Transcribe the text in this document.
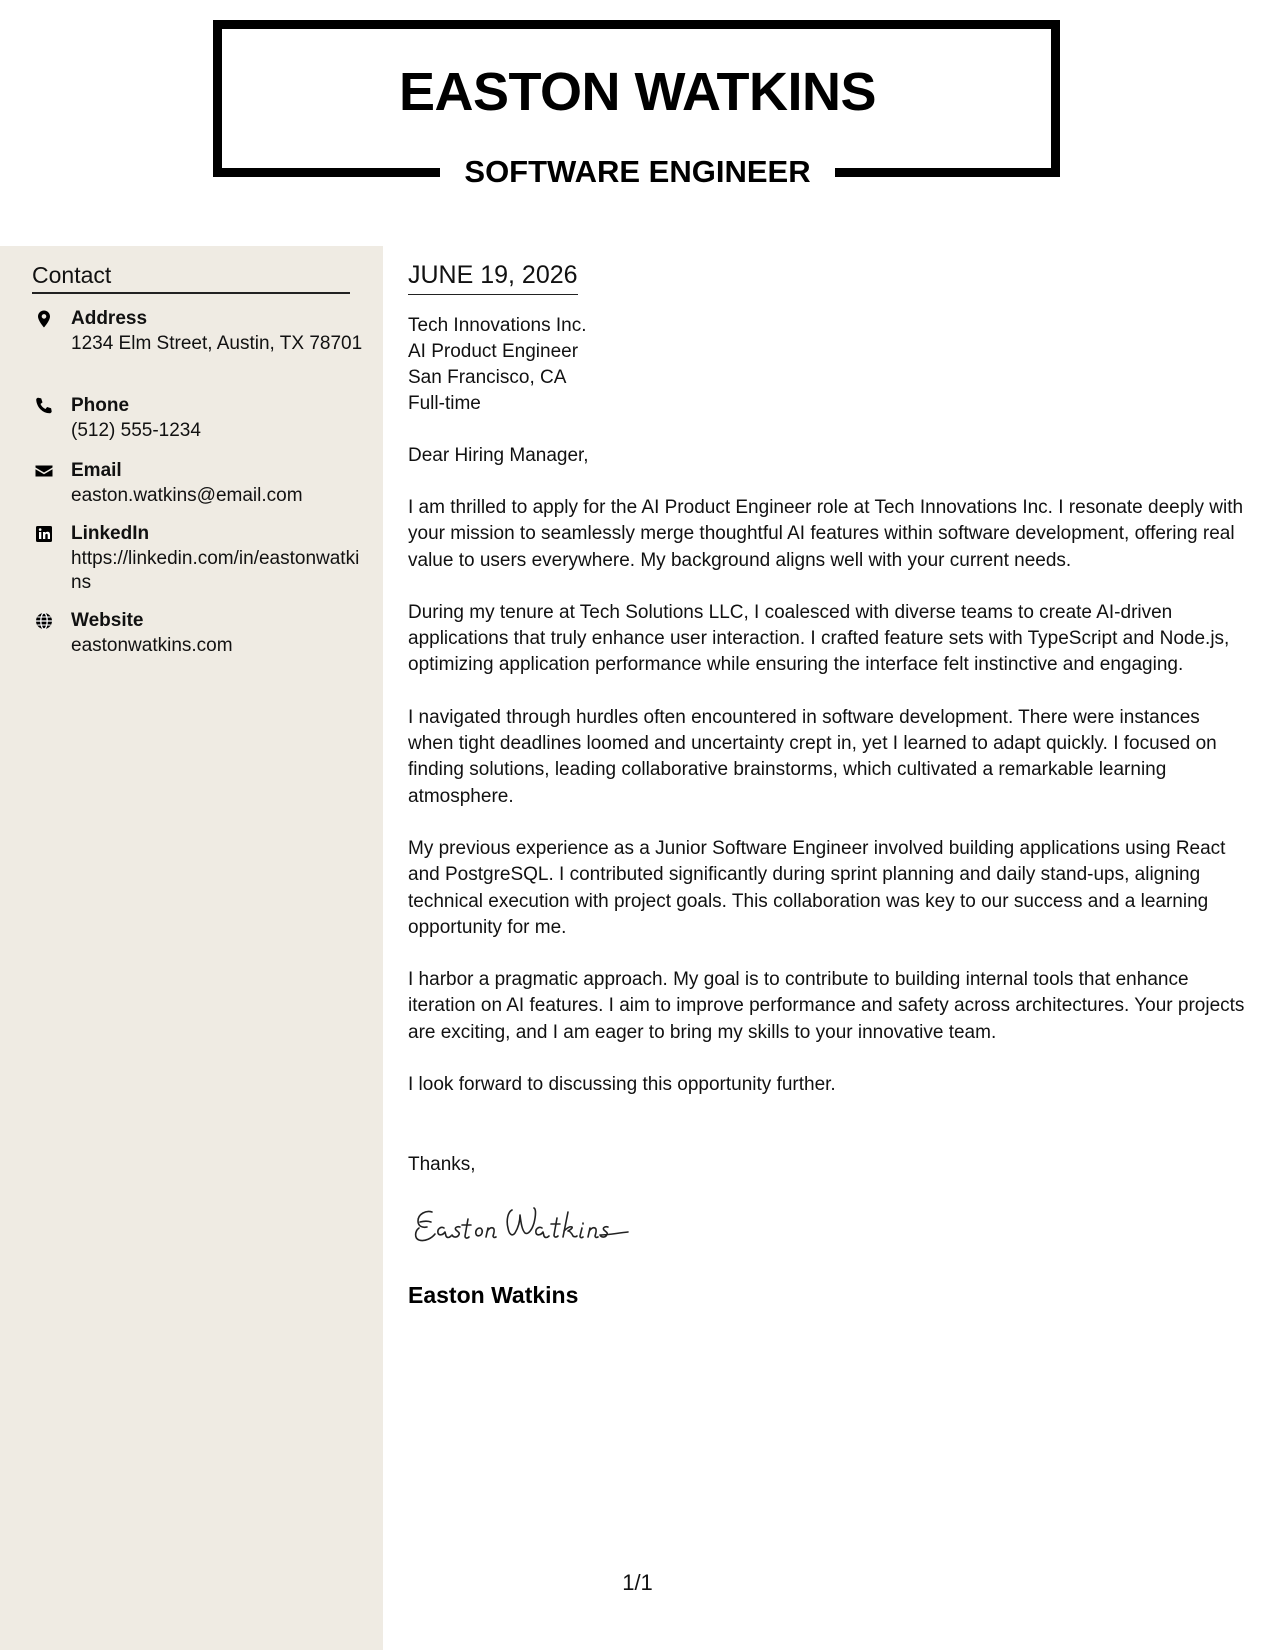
EASTON WATKINS
SOFTWARE ENGINEER
Contact
Address
1234 Elm Street, Austin, TX 78701
Phone
(512) 555-1234
Email
easton.watkins@email.com
LinkedIn
https://linkedin.com/in/eastonwatkins
Website
eastonwatkins.com
JUNE 19, 2026
Tech Innovations Inc.
AI Product Engineer
San Francisco, CA
Full-time
Dear Hiring Manager,

I am thrilled to apply for the AI Product Engineer role at Tech Innovations Inc. I resonate deeply with your mission to seamlessly merge thoughtful AI features within software development, offering real value to users everywhere. My background aligns well with your current needs.

During my tenure at Tech Solutions LLC, I coalesced with diverse teams to create AI-driven applications that truly enhance user interaction. I crafted feature sets with TypeScript and Node.js, optimizing application performance while ensuring the interface felt instinctive and engaging.

I navigated through hurdles often encountered in software development. There were instances when tight deadlines loomed and uncertainty crept in, yet I learned to adapt quickly. I focused on finding solutions, leading collaborative brainstorms, which cultivated a remarkable learning atmosphere.

My previous experience as a Junior Software Engineer involved building applications using React and PostgreSQL. I contributed significantly during sprint planning and daily stand-ups, aligning technical execution with project goals. This collaboration was key to our success and a learning opportunity for me.

I harbor a pragmatic approach. My goal is to contribute to building internal tools that enhance iteration on AI features. I aim to improve performance and safety across architectures. Your projects are exciting, and I am eager to bring my skills to your innovative team.

I look forward to discussing this opportunity further.

Thanks,
Easton Watkins
1/1
